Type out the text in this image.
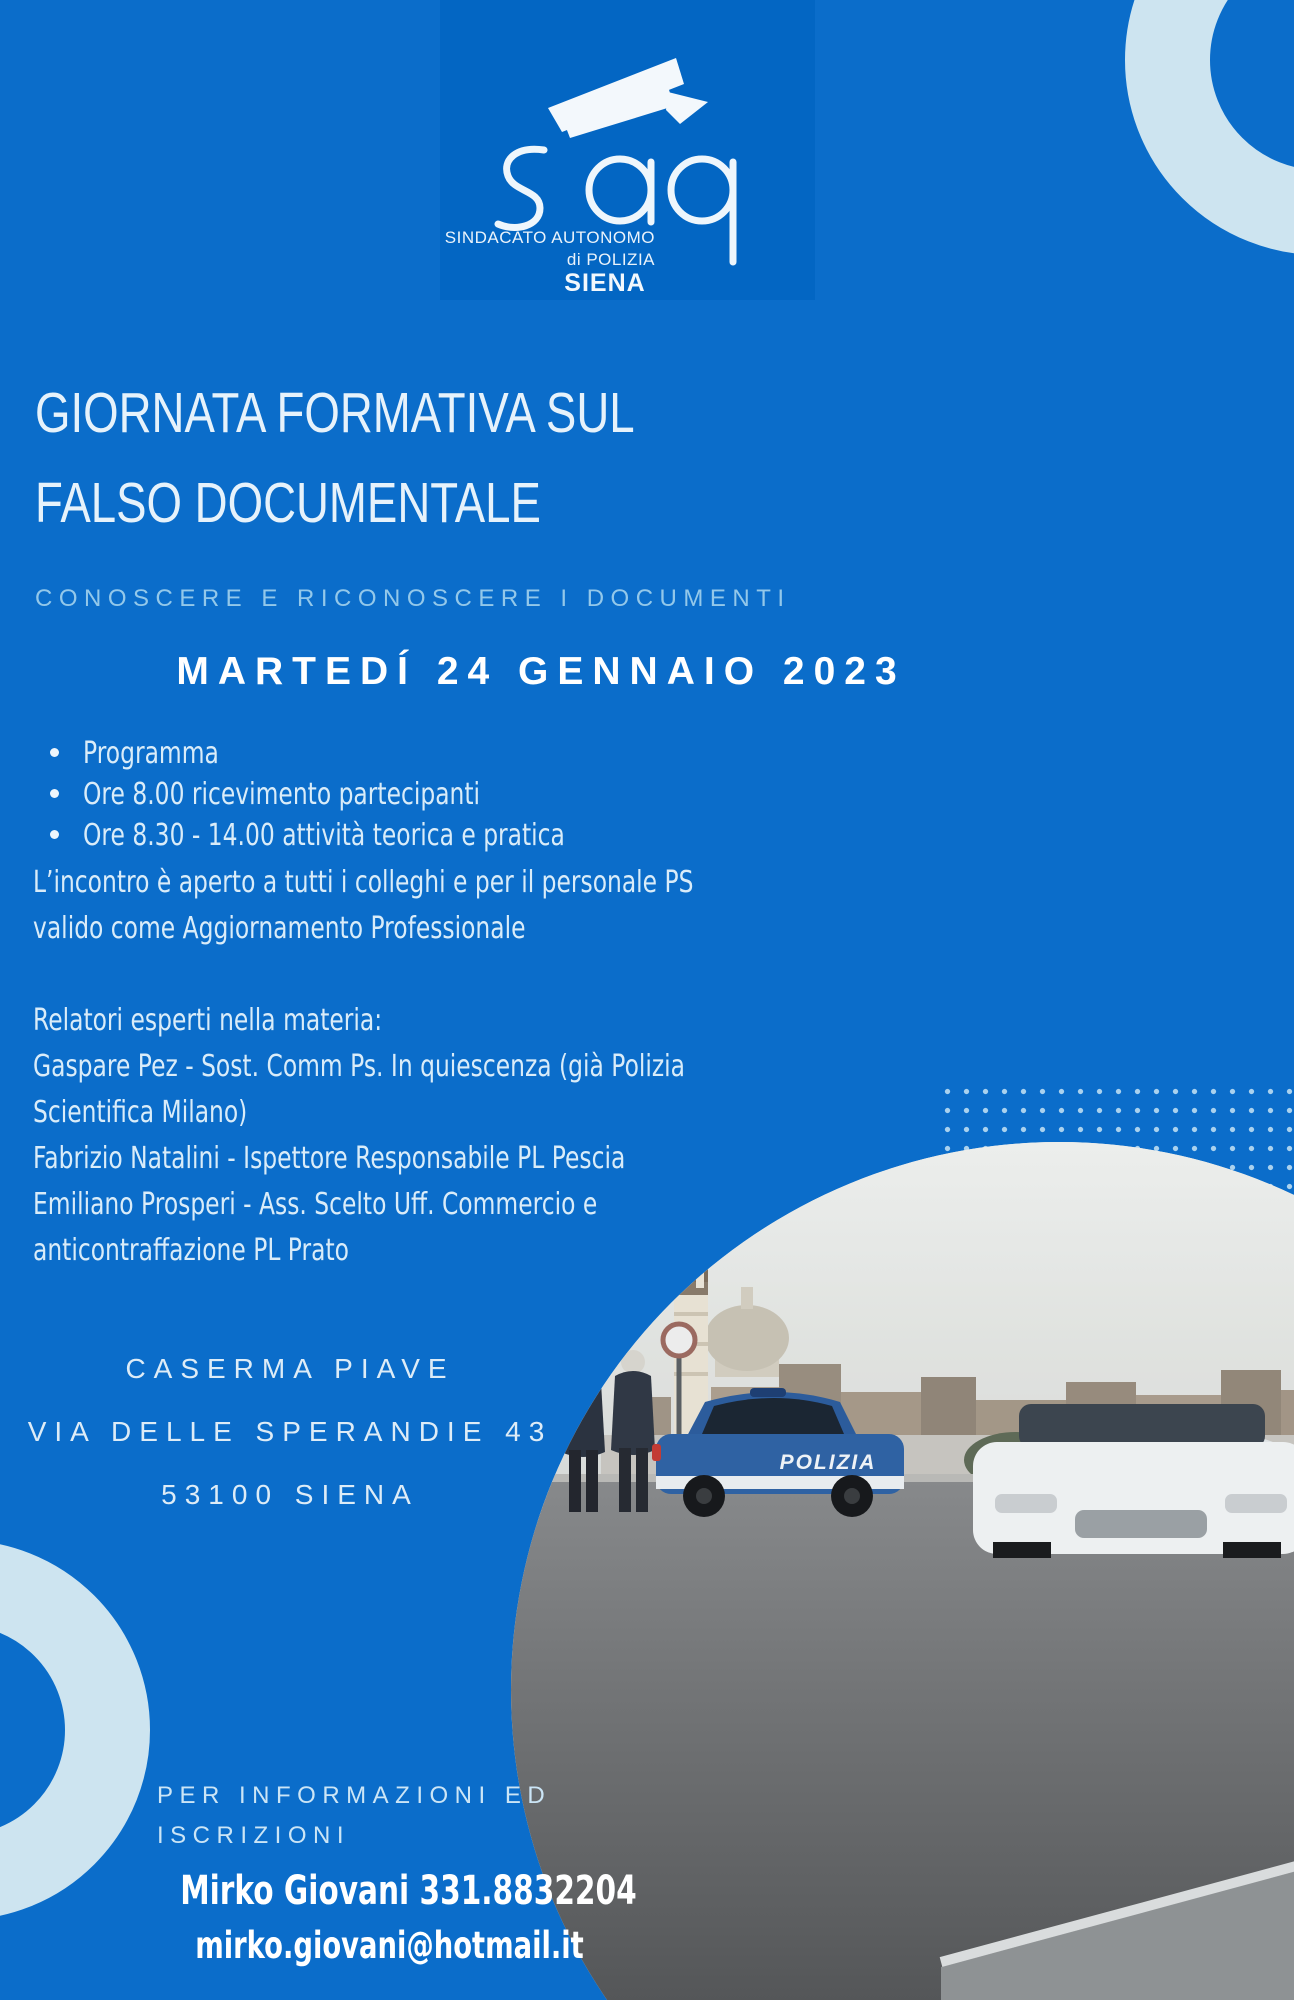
SINDACATO AUTONOMO
di POLIZIA
SIENA
GIORNATA FORMATIVA SUL
FALSO DOCUMENTALE
CONOSCERE E RICONOSCERE I DOCUMENTI
MARTEDÍ 24 GENNAIO 2023
Programma
Ore 8.00 ricevimento partecipanti
Ore 8.30 - 14.00 attività teorica e pratica
L’incontro è aperto a tutti i colleghi e per il personale PS
valido come Aggiornamento Professionale
Relatori esperti nella materia:
Gaspare Pez - Sost. Comm Ps. In quiescenza (già Polizia
Scientifica Milano)
Fabrizio Natalini - Ispettore Responsabile PL Pescia
Emiliano Prosperi - Ass. Scelto Uff. Commercio e
anticontraffazione PL Prato
CASERMA PIAVE
VIA DELLE SPERANDIE 43
53100 SIENA
PER INFORMAZIONI ED
ISCRIZIONI
Mirko Giovani 331.8832204
mirko.giovani@hotmail.it
POLIZIA
